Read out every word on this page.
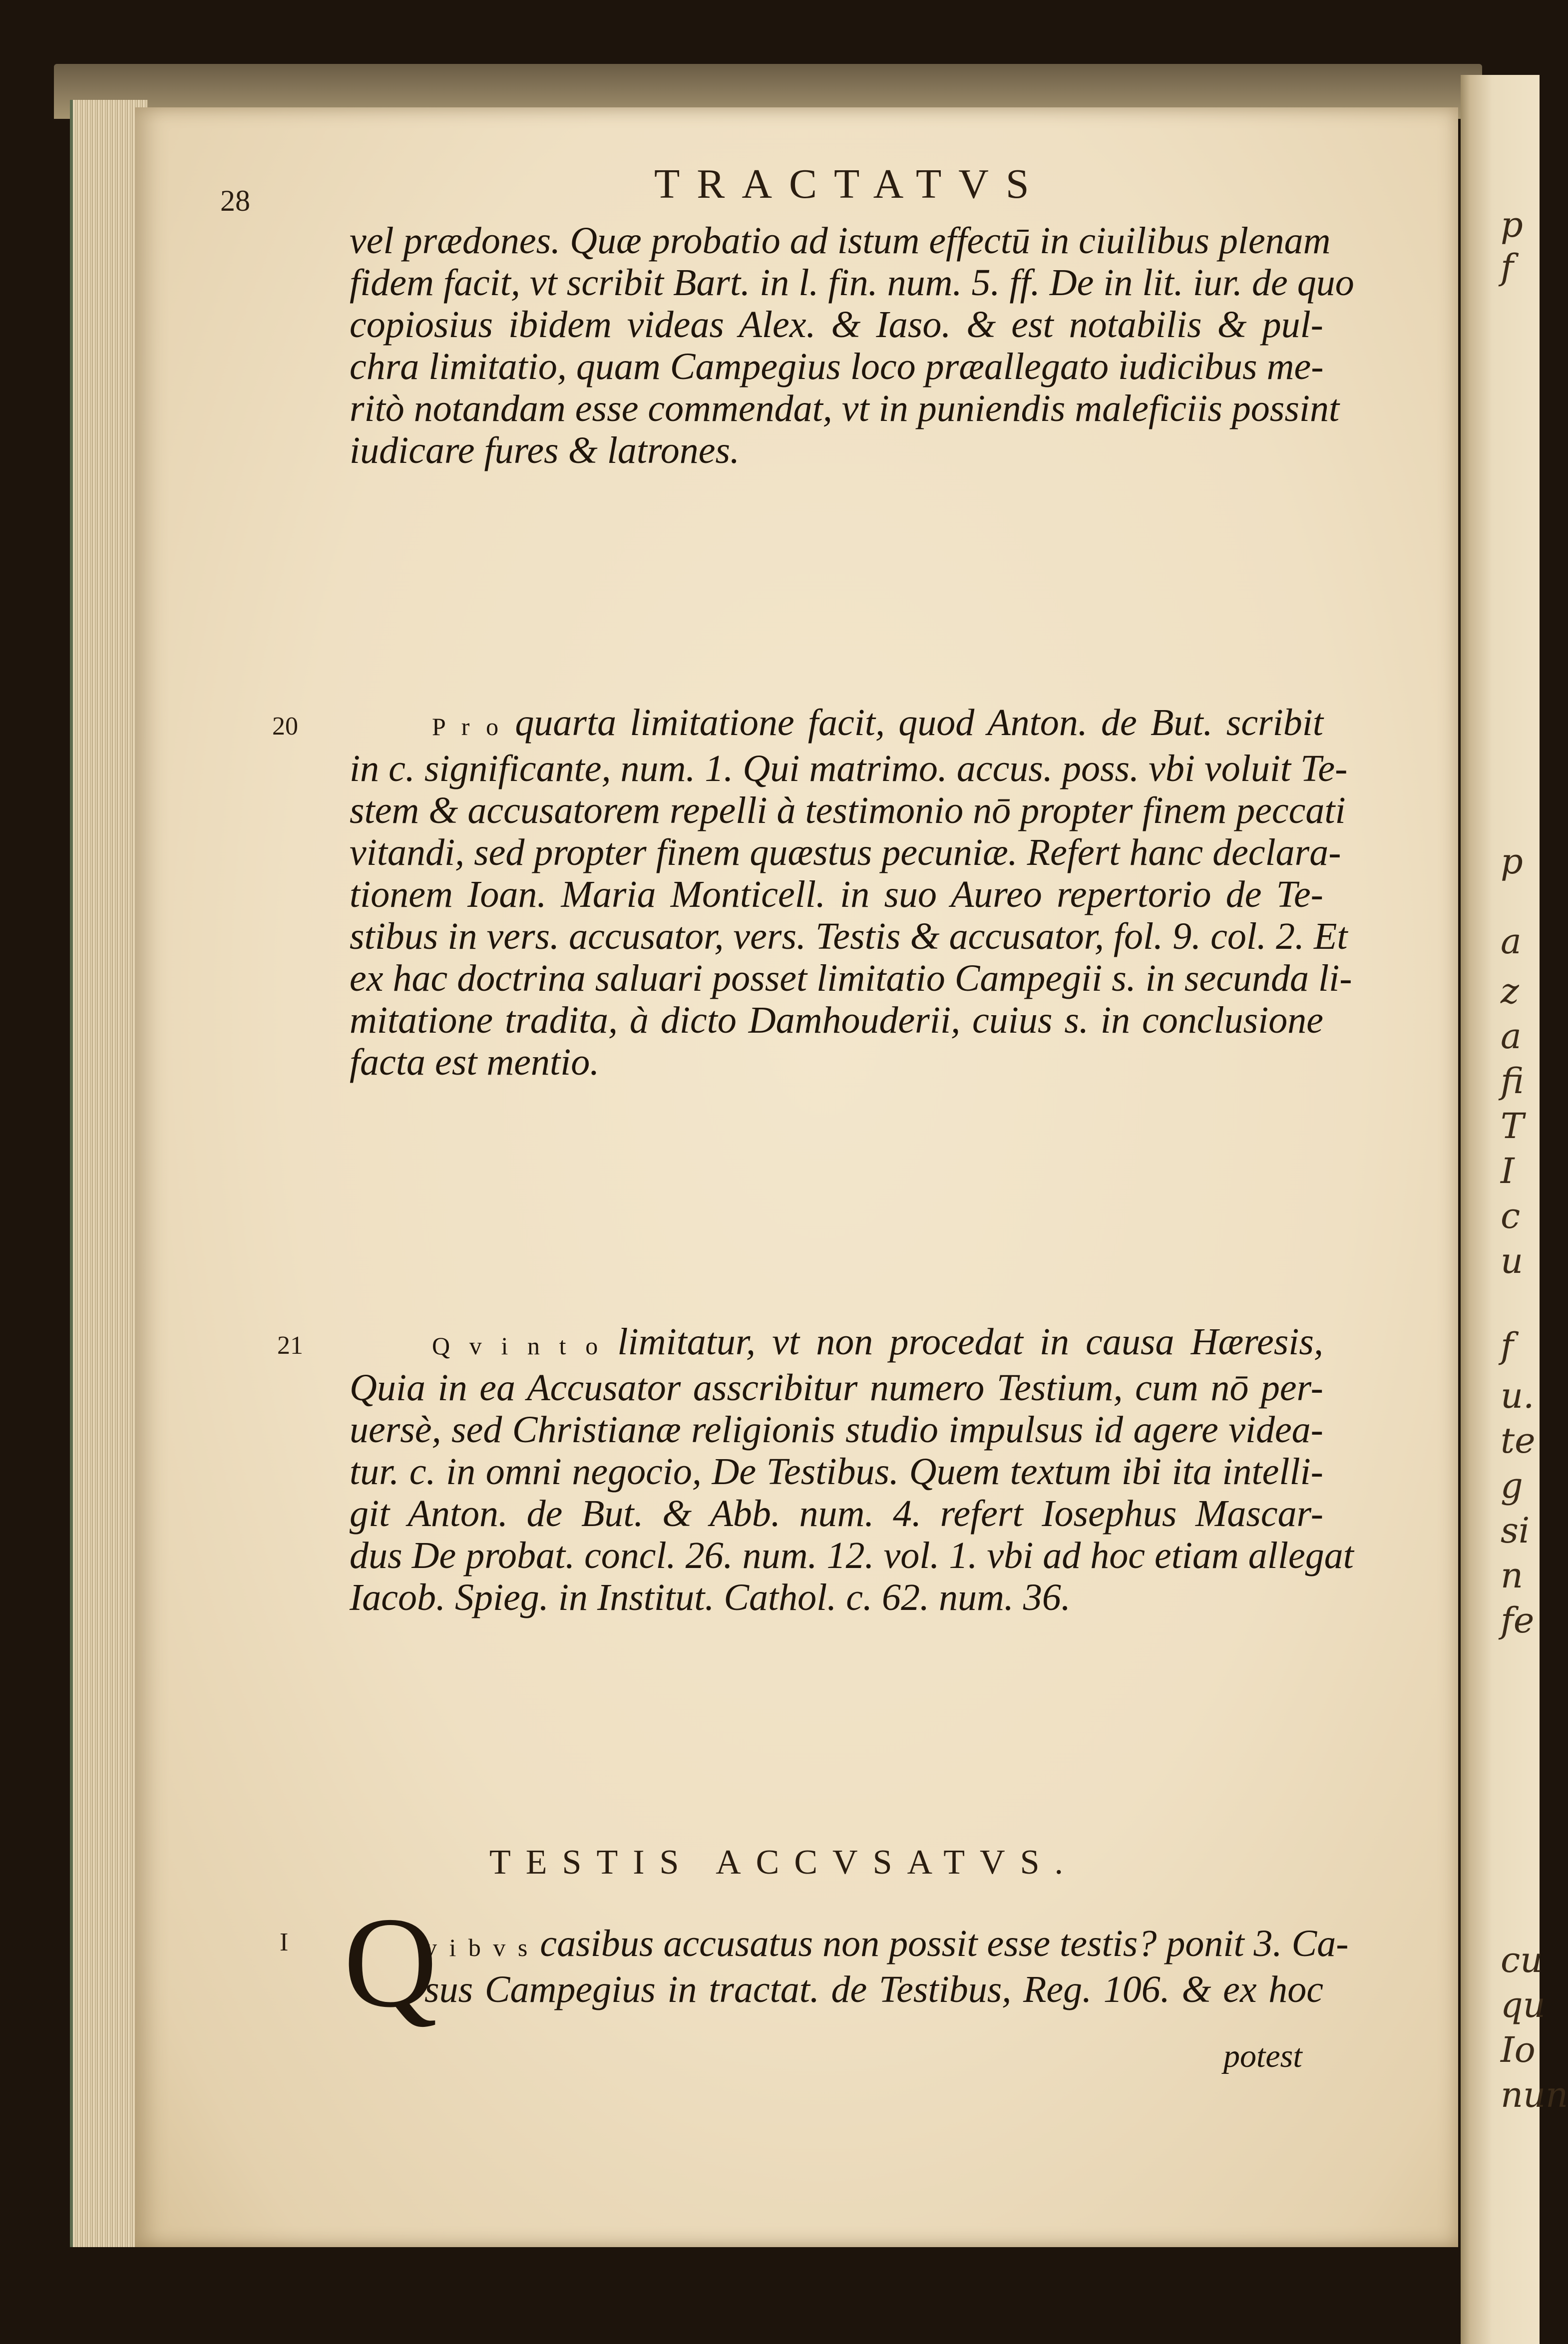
p
f
p
a
z
a
fi
T
I
c
u
f
u.
te
g
si
n
fe
cu
qu
Io
nun
28	TRACTATVS
vel prædones. Quæ probatio ad istum effectū in ciuilibus plenam
fidem facit, vt scribit Bart. in l. fin. num. 5. ff. De in lit. iur. de quo
copiosius ibidem videas Alex. & Iaso. & est notabilis & pul-
chra limitatio, quam Campegius loco præallegato iudicibus me-
ritò notandam esse commendat, vt in puniendis maleficiis possint
iudicare fures & latrones.
20	P r o quarta limitatione facit, quod Anton. de But. scribit
in c. significante, num. 1. Qui matrimo. accus. poss. vbi voluit Te-
stem & accusatorem repelli à testimonio nō propter finem peccati
vitandi, sed propter finem quæstus pecuniæ. Refert hanc declara-
tionem Ioan. Maria Monticell. in suo Aureo repertorio de Te-
stibus in vers. accusator, vers. Testis & accusator, fol. 9. col. 2. Et
ex hac doctrina saluari posset limitatio Campegii s. in secunda li-
mitatione tradita, à dicto Damhouderii, cuius s. in conclusione
facta est mentio.
21	Q v i n t o limitatur, vt non procedat in causa Hæresis,
Quia in ea Accusator asscribitur numero Testium, cum nō per-
uersè, sed Christianæ religionis studio impulsus id agere videa-
tur. c. in omni negocio, De Testibus. Quem textum ibi ita intelli-
git Anton. de But. & Abb. num. 4. refert Iosephus Mascar-
dus De probat. concl. 26. num. 12. vol. 1. vbi ad hoc etiam allegat
Iacob. Spieg. in Institut. Cathol. c. 62. num. 36.
TESTIS ACCVSATVS.
I Q
v i b v s casibus accusatus non possit esse testis? ponit 3. Ca-
sus Campegius in tractat. de Testibus, Reg. 106. & ex hoc
potest
